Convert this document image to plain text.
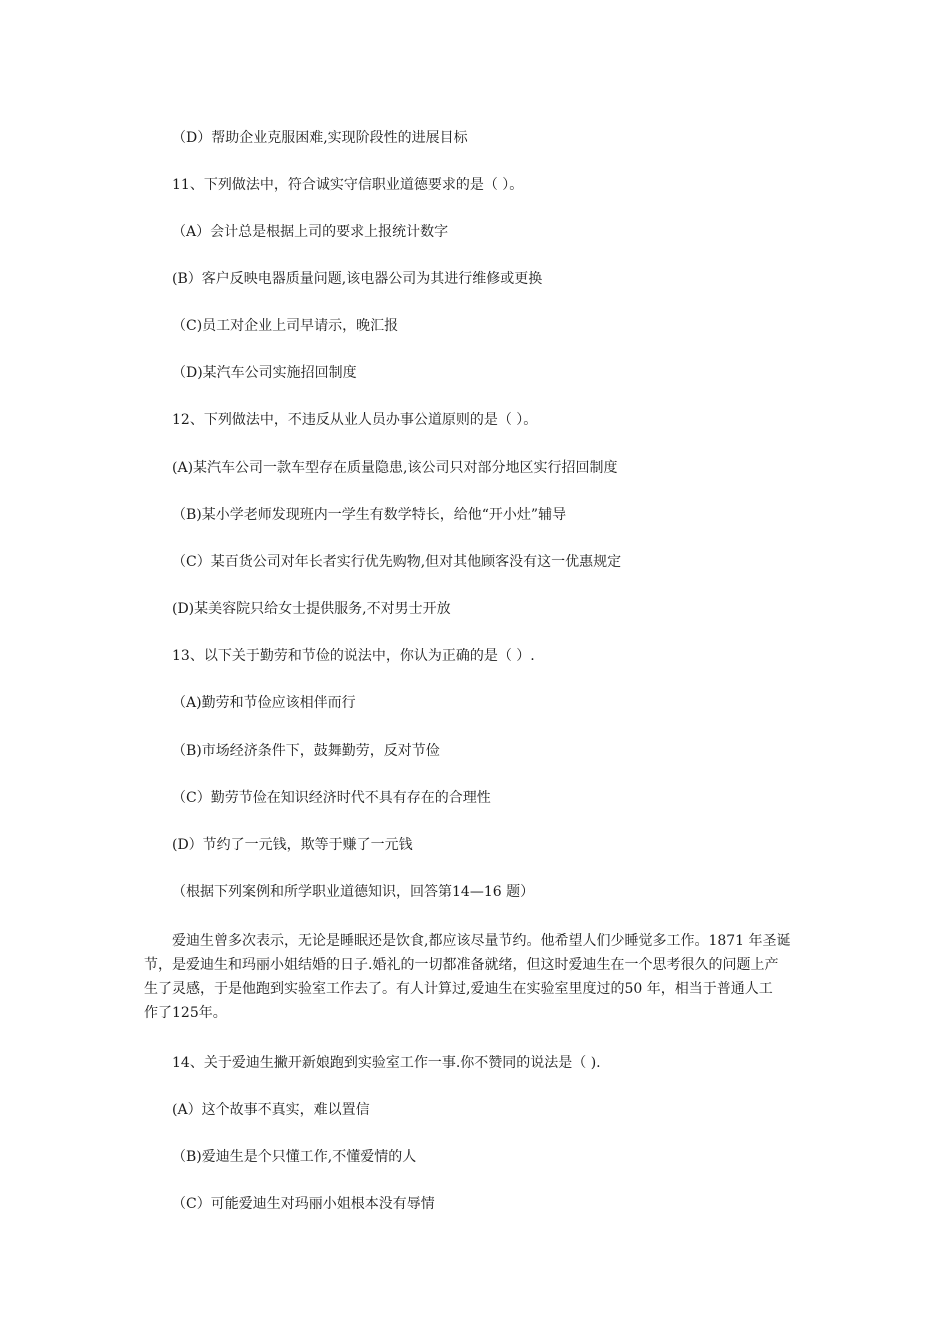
（D）帮助企业克服困难,实现阶段性的进展目标
11、下列做法中，符合诚实守信职业道德要求的是（ ）。
（A）会计总是根据上司的要求上报统计数字
(B）客户反映电器质量问题,该电器公司为其进行维修或更换
（C)员工对企业上司早请示，晚汇报
（D)某汽车公司实施招回制度
12、下列做法中，不违反从业人员办事公道原则的是（ ）。
(A)某汽车公司一款车型存在质量隐患,该公司只对部分地区实行招回制度
（B)某小学老师发现班内一学生有数学特长，给他“开小灶”辅导
（C）某百货公司对年长者实行优先购物,但对其他顾客没有这一优惠规定
(D)某美容院只给女士提供服务,不对男士开放
13、以下关于勤劳和节俭的说法中，你认为正确的是（ ）.
（A)勤劳和节俭应该相伴而行
（B)市场经济条件下，鼓舞勤劳，反对节俭
（C）勤劳节俭在知识经济时代不具有存在的合理性
(D）节约了一元钱，欺等于赚了一元钱
（根据下列案例和所学职业道德知识，回答第14—16 题）
爱迪生曾多次表示，无论是睡眠还是饮食,都应该尽量节约。他希望人们少睡觉多工作。1871 年圣诞
节，是爱迪生和玛丽小姐结婚的日子.婚礼的一切都准备就绪，但这时爱迪生在一个思考很久的问题上产
生了灵感，于是他跑到实验室工作去了。有人计算过,爱迪生在实验室里度过的50 年，相当于普通人工
作了125年。
14、关于爱迪生撇开新娘跑到实验室工作一事.你不赞同的说法是（ ).
(A）这个故事不真实，难以置信
（B)爱迪生是个只懂工作,不懂爱情的人
（C）可能爱迪生对玛丽小姐根本没有辱情
